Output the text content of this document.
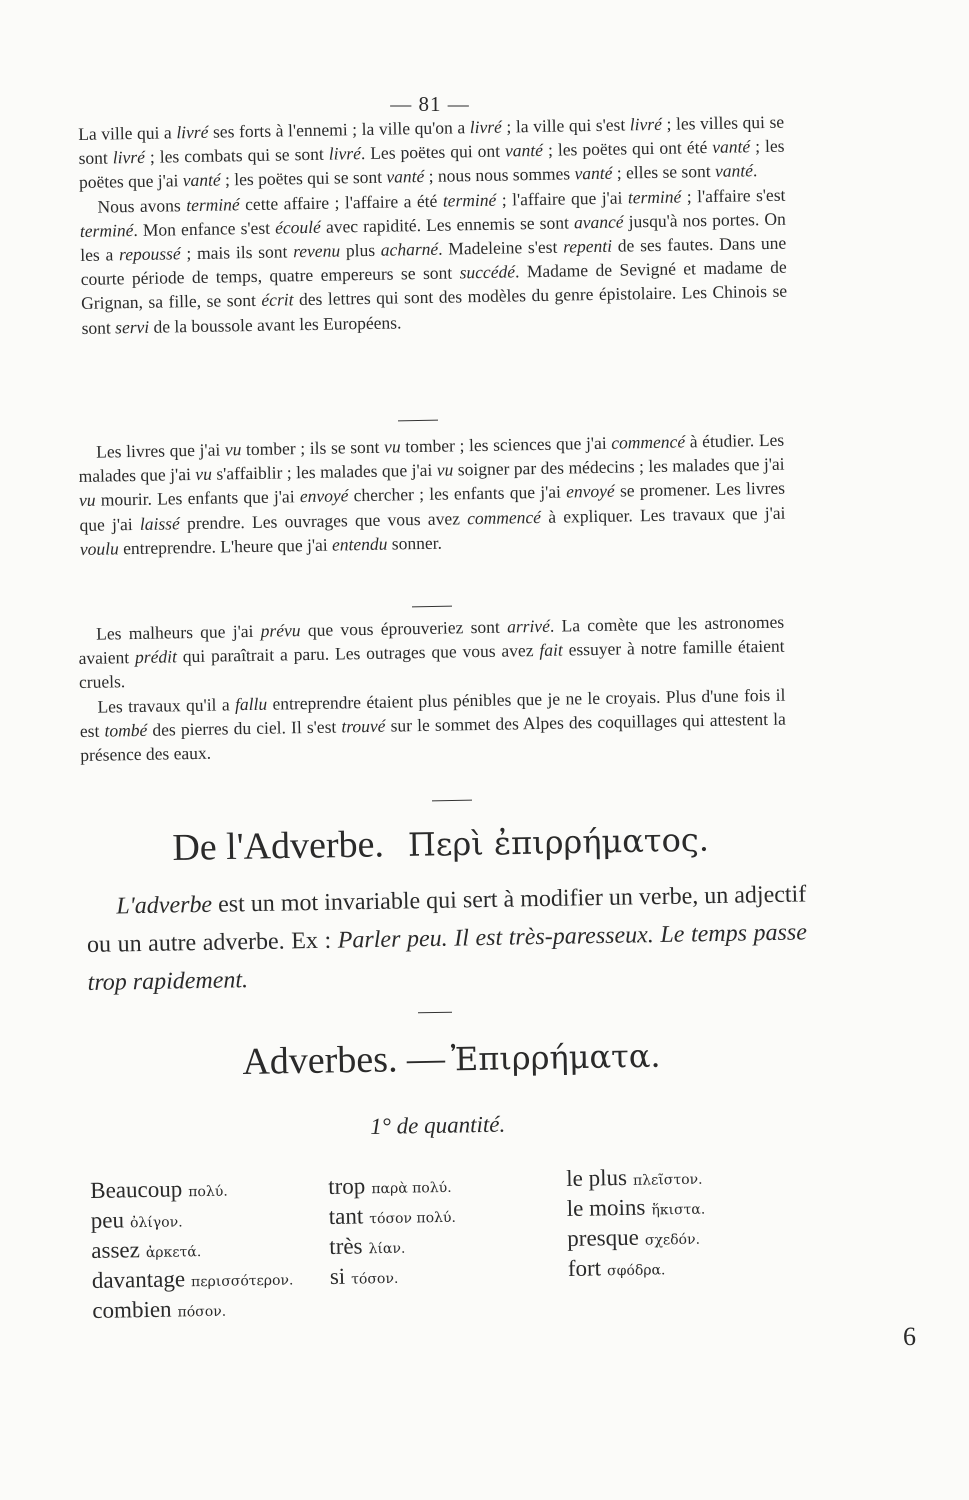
— 81 —

La ville qui a livré ses forts à l'ennemi ; la ville qu'on a livré ; la ville qui s'est livré ; les villes qui se sont livré ; les combats qui se sont livré. Les poëtes qui ont vanté ; les poëtes qui ont été vanté ; les poëtes que j'ai vanté ; les poëtes qui se sont vanté ; nous nous sommes vanté ; elles se sont vanté.

Nous avons terminé cette affaire ; l'affaire a été terminé ; l'affaire que j'ai terminé ; l'affaire s'est terminé. Mon enfance s'est écoulé avec rapidité. Les ennemis se sont avancé jusqu'à nos portes. On les a repoussé ; mais ils sont revenu plus acharné. Madeleine s'est repenti de ses fautes. Dans une courte période de temps, quatre empereurs se sont succédé. Madame de Sevigné et madame de Grignan, sa fille, se sont écrit des lettres qui sont des modèles du genre épistolaire. Les Chinois se sont servi de la boussole avant les Européens.

Les livres que j'ai vu tomber ; ils se sont vu tomber ; les sciences que j'ai commencé à étudier. Les malades que j'ai vu s'affaiblir ; les malades que j'ai vu soigner par des médecins ; les malades que j'ai vu mourir. Les enfants que j'ai envoyé chercher ; les enfants que j'ai envoyé se promener. Les livres que j'ai laissé prendre. Les ouvrages que vous avez commencé à expliquer. Les travaux que j'ai voulu entreprendre. L'heure que j'ai entendu sonner.

Les malheurs que j'ai prévu que vous éprouveriez sont arrivé. La comète que les astronomes avaient prédit qui paraîtrait a paru. Les outrages que vous avez fait essuyer à notre famille étaient cruels.

Les travaux qu'il a fallu entreprendre étaient plus pénibles que je ne le croyais. Plus d'une fois il est tombé des pierres du ciel. Il s'est trouvé sur le sommet des Alpes des coquillages qui attestent la présence des eaux.

De l'Adverbe. Περὶ ἐπιρρήματος.

L'adverbe est un mot invariable qui sert à modifier un verbe, un adjectif ou un autre adverbe. Ex : Parler peu. Il est très-paresseux. Le temps passe trop rapidement.

Adverbes. — Ἐπιρρήματα.
1° de quantité.
Beaucoup πολύ.
peu ὀλίγον.
assez ἀρκετά.
davantage περισσότερον.
combien πόσον.
trop παρὰ πολύ.
tant τόσον πολύ.
très λίαν.
si τόσον.
le plus πλεῖστον.
le moins ἥκιστα.
presque σχεδόν.
fort σφόδρα.
6
